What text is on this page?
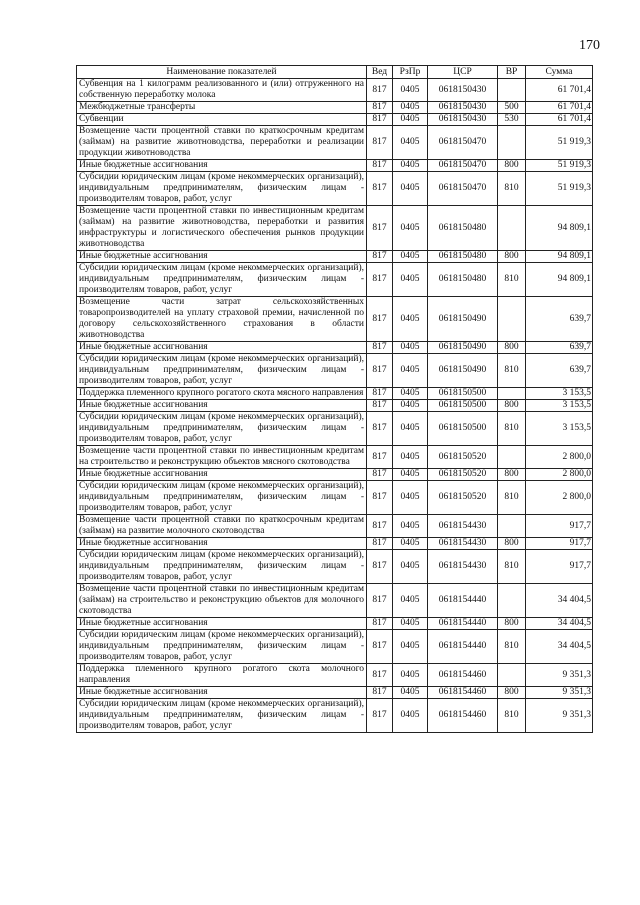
170
Наименование показателей	Вед	РзПр	ЦСР	ВР	Сумма
Субвенция на 1 килограмм реализованного и (или) отгруженного на собственную переработку молока	817	0405	0618150430		61 701,4
Межбюджетные трансферты	817	0405	0618150430	500	61 701,4
Субвенции	817	0405	0618150430	530	61 701,4
Возмещение части процентной ставки по краткосрочным кредитам (займам) на развитие животноводства, переработки и реализации продукции животноводства	817	0405	0618150470		51 919,3
Иные бюджетные ассигнования	817	0405	0618150470	800	51 919,3
Субсидии юридическим лицам (кроме некоммерческих организаций), индивидуальным предпринимателям, физическим лицам - производителям товаров, работ, услуг	817	0405	0618150470	810	51 919,3
Возмещение части процентной ставки по инвестиционным кредитам (займам) на развитие животноводства, переработки и развития инфраструктуры и логистического обеспечения рынков продукции животноводства	817	0405	0618150480		94 809,1
Иные бюджетные ассигнования	817	0405	0618150480	800	94 809,1
Субсидии юридическим лицам (кроме некоммерческих организаций), индивидуальным предпринимателям, физическим лицам - производителям товаров, работ, услуг	817	0405	0618150480	810	94 809,1
Возмещение части затрат сельскохозяйственных товаропроизводителей на уплату страховой премии, начисленной по договору сельскохозяйственного страхования в области животноводства	817	0405	0618150490		639,7
Иные бюджетные ассигнования	817	0405	0618150490	800	639,7
Субсидии юридическим лицам (кроме некоммерческих организаций), индивидуальным предпринимателям, физическим лицам - производителям товаров, работ, услуг	817	0405	0618150490	810	639,7
Поддержка племенного крупного рогатого скота мясного направления	817	0405	0618150500		3 153,5
Иные бюджетные ассигнования	817	0405	0618150500	800	3 153,5
Субсидии юридическим лицам (кроме некоммерческих организаций), индивидуальным предпринимателям, физическим лицам - производителям товаров, работ, услуг	817	0405	0618150500	810	3 153,5
Возмещение части процентной ставки по инвестиционным кредитам на строительство и реконструкцию объектов мясного скотоводства	817	0405	0618150520		2 800,0
Иные бюджетные ассигнования	817	0405	0618150520	800	2 800,0
Субсидии юридическим лицам (кроме некоммерческих организаций), индивидуальным предпринимателям, физическим лицам - производителям товаров, работ, услуг	817	0405	0618150520	810	2 800,0
Возмещение части процентной ставки по краткосрочным кредитам (займам) на развитие молочного скотоводства	817	0405	0618154430		917,7
Иные бюджетные ассигнования	817	0405	0618154430	800	917,7
Субсидии юридическим лицам (кроме некоммерческих организаций), индивидуальным предпринимателям, физическим лицам - производителям товаров, работ, услуг	817	0405	0618154430	810	917,7
Возмещение части процентной ставки по инвестиционным кредитам (займам) на строительство и реконструкцию объектов для молочного скотоводства	817	0405	0618154440		34 404,5
Иные бюджетные ассигнования	817	0405	0618154440	800	34 404,5
Субсидии юридическим лицам (кроме некоммерческих организаций), индивидуальным предпринимателям, физическим лицам - производителям товаров, работ, услуг	817	0405	0618154440	810	34 404,5
Поддержка племенного крупного рогатого скота молочного направления	817	0405	0618154460		9 351,3
Иные бюджетные ассигнования	817	0405	0618154460	800	9 351,3
Субсидии юридическим лицам (кроме некоммерческих организаций), индивидуальным предпринимателям, физическим лицам - производителям товаров, работ, услуг	817	0405	0618154460	810	9 351,3
